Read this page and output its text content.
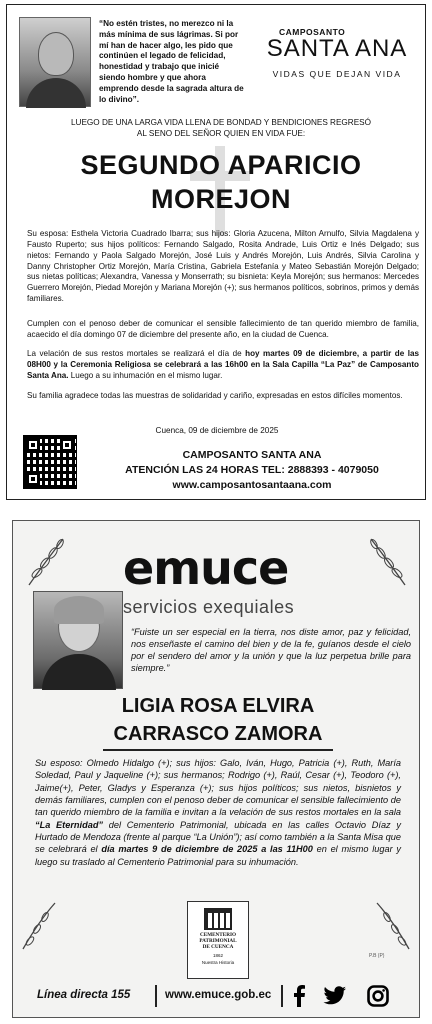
“No estén tristes, no merezco ni la más mínima de sus lágrimas. Si por mí han de hacer algo, les pido que continúen el legado de felicidad, honestidad y trabajo que inicié siendo hombre y que ahora emprendo desde la sagrada altura de lo divino”.
CAMPOSANTO
SANTA ANA
VIDAS QUE DEJAN VIDA
LUEGO DE UNA LARGA VIDA LLENA DE BONDAD Y BENDICIONES REGRESÓ
AL SENO DEL SEÑOR QUIEN EN VIDA FUE:
SEGUNDO APARICIO
MOREJON
Su esposa: Esthela Victoria Cuadrado Ibarra; sus hijos: Gloria Azucena, Milton Arnulfo, Silvia Magdalena y Fausto Ruperto; sus hijos políticos: Fernando Salgado, Rosita Andrade, Luis Ortiz e Inés Delgado; sus nietos: Fernando y Paola Salgado Morejón, José Luis y Andrés Morejón, Luis Andrés, Silvia Carolina y Danny Christopher Ortiz Morejón, María Cristina, Gabriela Estefanía y Mateo Sebastián Morejón Delgado; sus nietas políticas; Alexandra, Vanessa y Monserrath; su bisnieta: Keyla Morejón; sus hermanos: Mercedes Guerrero Morejón, Piedad Morejón y Mariana Morejón (+); sus hermanos políticos, sobrinos, primos y demás familiares.
Cumplen con el penoso deber de comunicar el sensible fallecimiento de tan querido miembro de familia, acaecido el día domingo 07 de diciembre del presente año, en la ciudad de Cuenca.
La velación de sus restos mortales se realizará el día de hoy martes 09 de diciembre, a partir de las 08H00 y la Ceremonia Religiosa se celebrará a las 16h00 en la Sala Capilla “La Paz” de Camposanto Santa Ana. Luego a su inhumación en el mismo lugar.
Su familia agradece todas las muestras de solidaridad y cariño, expresadas en estos difíciles momentos.
Cuenca, 09 de diciembre de 2025
CAMPOSANTO SANTA ANA
ATENCIÓN LAS 24 HORAS TEL: 2888393 - 4079050
www.camposantosantaana.com
emuce
servicios exequiales
“Fuiste un ser especial en la tierra, nos diste amor, paz y felicidad, nos enseñaste el camino del bien y de la fe, guíanos desde el cielo por el sendero del amor y la unión y que la luz perpetua brille para siempre.”
LIGIA ROSA ELVIRA
CARRASCO ZAMORA
Su esposo: Olmedo Hidalgo (+); sus hijos: Galo, Iván, Hugo, Patricia (+), Ruth, María Soledad, Paul y Jaqueline (+); sus hermanos; Rodrigo (+), Raúl, Cesar (+), Teodoro (+), Jaime(+), Peter, Gladys y Esperanza (+); sus hijos políticos; sus nietos, bisnietos y demás familiares, cumplen con el penoso deber de comunicar el sensible fallecimiento de tan querido miembro de la familia e invitan a la velación de sus restos mortales en la sala “La Eternidad” del Cementerio Patrimonial, ubicada en las calles Octavio Díaz y Hurtado de Mendoza (frente al parque “La Unión”); así como también a la Santa Misa que se celebrará el día martes 9 de diciembre de 2025 a las 11H00 en el mismo lugar y luego su traslado al Cementerio Patrimonial para su inhumación.
CEMENTERIO
PATRIMONIAL
DE CUENCA
1862
Nuestra Historia
P.B (P)
Línea directa 155	www.emuce.gob.ec
